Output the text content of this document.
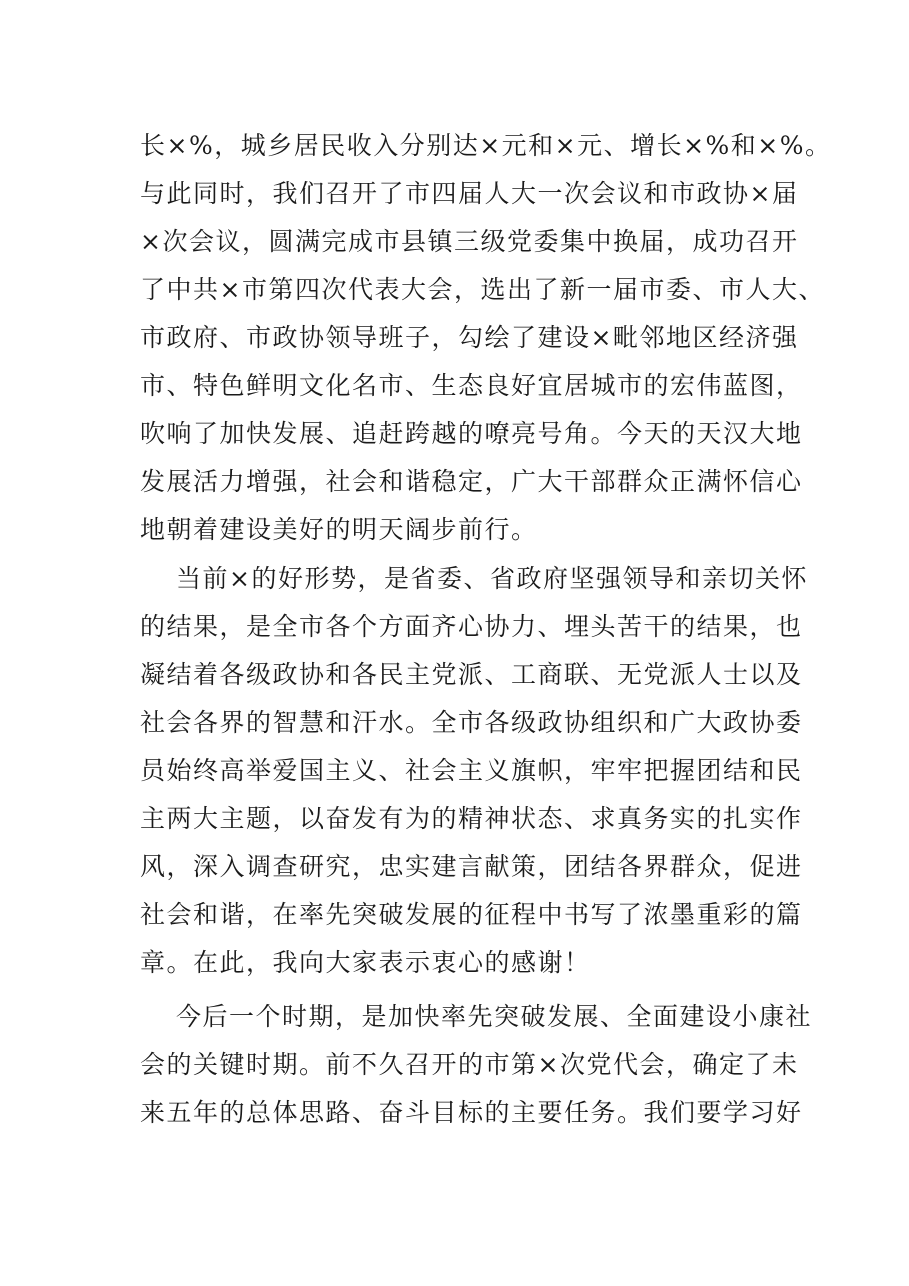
长×%，城乡居民收入分别达×元和×元、增长×%和×%。
与此同时，我们召开了市四届人大一次会议和市政协×届
×次会议，圆满完成市县镇三级党委集中换届，成功召开
了中共×市第四次代表大会，选出了新一届市委、市人大、
市政府、市政协领导班子，勾绘了建设×毗邻地区经济强
市、特色鲜明文化名市、生态良好宜居城市的宏伟蓝图，
吹响了加快发展、追赶跨越的嘹亮号角。今天的天汉大地
发展活力增强，社会和谐稳定，广大干部群众正满怀信心
地朝着建设美好的明天阔步前行。
当前×的好形势，是省委、省政府坚强领导和亲切关怀
的结果，是全市各个方面齐心协力、埋头苦干的结果，也
凝结着各级政协和各民主党派、工商联、无党派人士以及
社会各界的智慧和汗水。全市各级政协组织和广大政协委
员始终高举爱国主义、社会主义旗帜，牢牢把握团结和民
主两大主题，以奋发有为的精神状态、求真务实的扎实作
风，深入调查研究，忠实建言献策，团结各界群众，促进
社会和谐，在率先突破发展的征程中书写了浓墨重彩的篇
章。在此，我向大家表示衷心的感谢！
今后一个时期，是加快率先突破发展、全面建设小康社
会的关键时期。前不久召开的市第×次党代会，确定了未
来五年的总体思路、奋斗目标的主要任务。我们要学习好
